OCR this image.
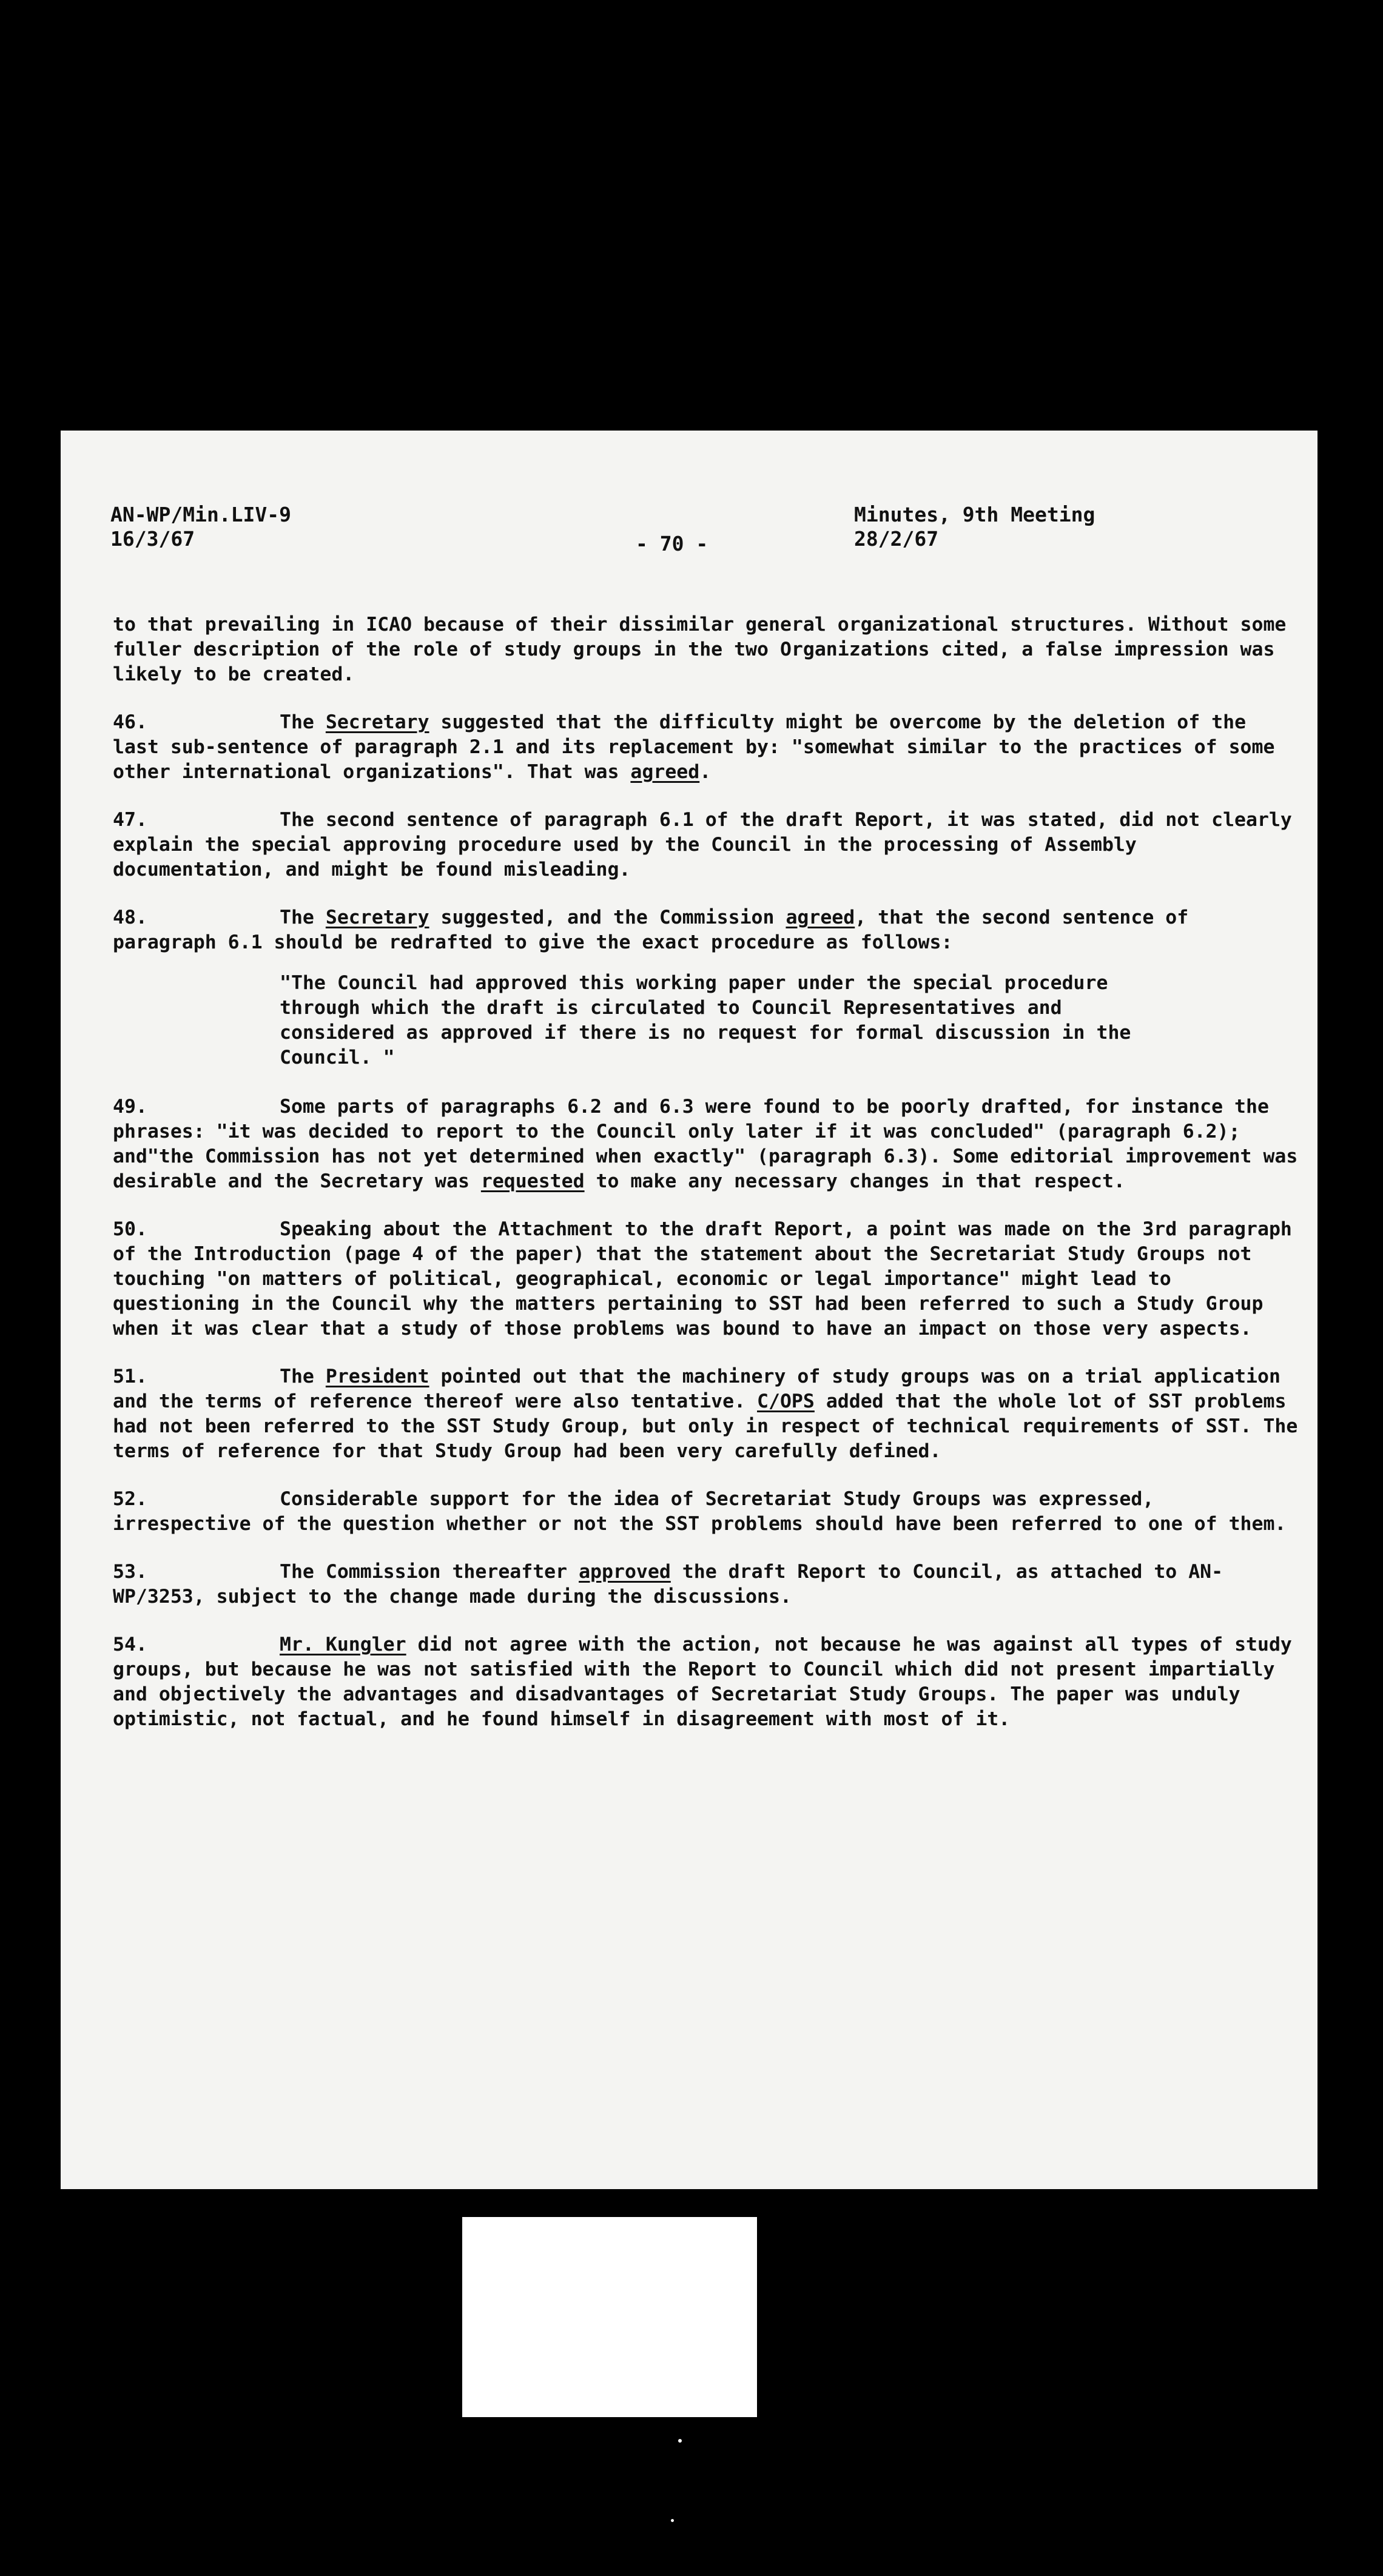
AN-WP/Min.LIV-9
16/3/67	- 70 -
Minutes, 9th Meeting
28/2/67

to that prevailing in ICAO because of their dissimilar general organizational structures. Without some fuller description of the role of study groups in the two Organizations cited, a false impression was likely to be created.

46.	The Secretary suggested that the difficulty might be overcome by the deletion of the last sub-sentence of paragraph 2.1 and its replacement by: "somewhat similar to the practices of some other international organizations". That was agreed.

47.	The second sentence of paragraph 6.1 of the draft Report, it was stated, did not clearly explain the special approving procedure used by the Council in the processing of Assembly documentation, and might be found misleading.

48.	The Secretary suggested, and the Commission agreed, that the second sentence of paragraph 6.1 should be redrafted to give the exact procedure as follows:

"The Council had approved this working paper under the special procedure through which the draft is circulated to Council Representatives and considered as approved if there is no request for formal discussion in the Council. "

49.	Some parts of paragraphs 6.2 and 6.3 were found to be poorly drafted, for instance the phrases: "it was decided to report to the Council only later if it was concluded" (paragraph 6.2); and"the Commission has not yet determined when exactly" (paragraph 6.3). Some editorial improvement was desirable and the Secretary was requested to make any necessary changes in that respect.

50.	Speaking about the Attachment to the draft Report, a point was made on the 3rd paragraph of the Introduction (page 4 of the paper) that the statement about the Secretariat Study Groups not touching "on matters of political, geographical, economic or legal importance" might lead to questioning in the Council why the matters pertaining to SST had been referred to such a Study Group when it was clear that a study of those problems was bound to have an impact on those very aspects.

51.	The President pointed out that the machinery of study groups was on a trial application and the terms of reference thereof were also tentative. C/OPS added that the whole lot of SST problems had not been referred to the SST Study Group, but only in respect of technical requirements of SST. The terms of reference for that Study Group had been very carefully defined.

52.	Considerable support for the idea of Secretariat Study Groups was expressed, irrespective of the question whether or not the SST problems should have been referred to one of them.

53.	The Commission thereafter approved the draft Report to Council, as attached to AN-WP/3253, subject to the change made during the discussions.

54.	Mr. Kungler did not agree with the action, not because he was against all types of study groups, but because he was not satisfied with the Report to Council which did not present impartially and objectively the advantages and disadvantages of Secretariat Study Groups. The paper was unduly optimistic, not factual, and he found himself in disagreement with most of it.
